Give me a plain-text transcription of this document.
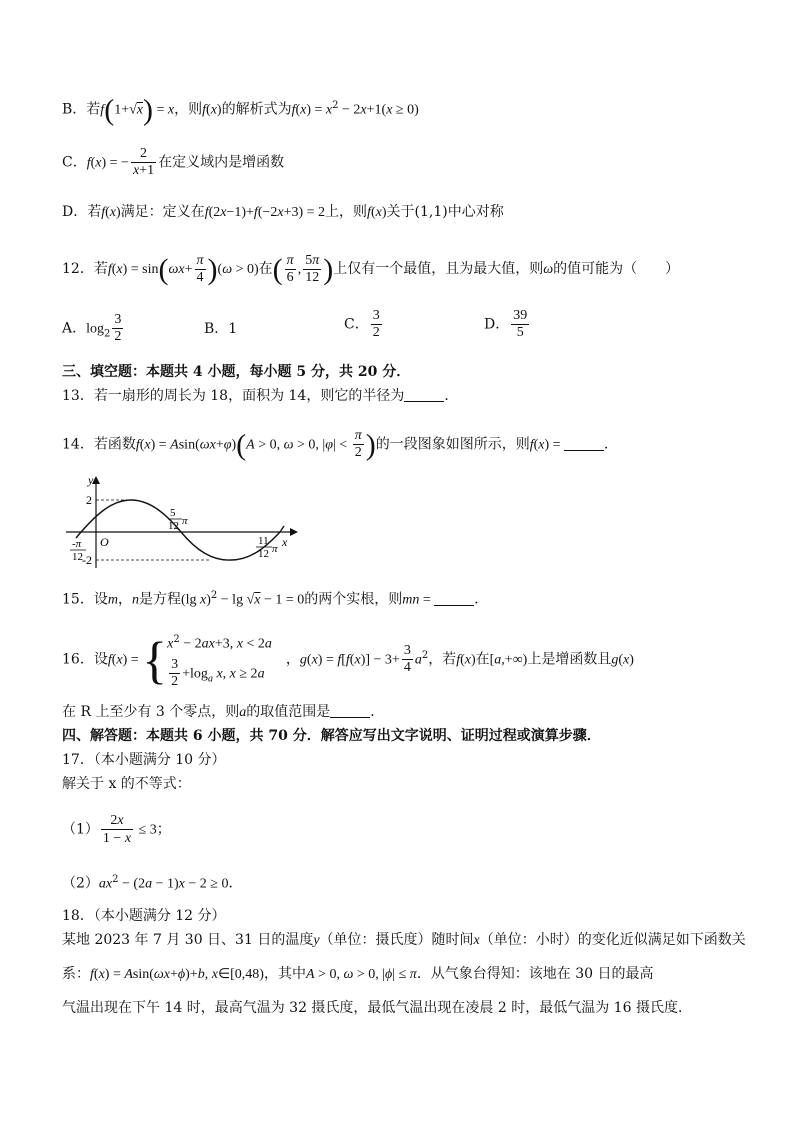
B．若f(1+√x) = x，则f(x)的解析式为$f(x) = x^2 - 2x+1(x \ge 0)$
C．f(x) = − $\frac{2}{x+1}$ 在定义域内是增函数
D．若f(x)满足：定义在f(2x−1)+f(−2x+3) = 2上，则f(x)关于(1,1)中心对称
12．若$f(x) = \sin(\omega x+ \frac{\pi}{4} )(\omega > 0)$在( $\frac{\pi}{6}$ , $\frac{5\pi}{12}$ )上仅有一个最值，且为最大值，则ω的值可能为（　　）
A．$\log_2 \frac{3}{2}$	B．1	C． $\frac{3}{2}$	D． $\frac{39}{5}$
三、填空题：本题共 4 小题，每小题 5 分，共 20 分．
13．若一扇形的周长为 18，面积为 14，则它的半径为	．
14．若函数f(x) = Asin(ωx+φ)(A > 0, ω > 0, $|\varphi| < \frac{\pi}{2}$ )的一段图象如图所示，则f(x) =	．
y
x
O
2
-2
-π
12
5
12 π
11
12 π
15．设m，n是方程(lg x)$^2$ − lg √x − 1 = 0的两个实根，则mn =	．
16．设f(x) = { $x^2 - 2ax+3$, x < 2a
$\frac{3}{2} +\log_a$ x, x ≥ 2a
　，$g(x) = f[f(x)] - 3+ \frac{3}{4} a^2$，若f(x)在[a,+∞)上是增函数且g(x)
在 R 上至少有 3 个零点，则a的取值范围是	．
四、解答题：本题共 6 小题，共 70 分．解答应写出文字说明、证明过程或演算步骤．
17．（本小题满分 10 分）
解关于 x 的不等式：
$(1) \frac{2x}{1 - x} \le 3$；
$(2)ax^2 - (2a - 1)x - 2 \ge 0$．
18．（本小题满分 12 分）
某地 2023 年 7 月 30 日、31 日的温度y（单位：摄氏度）随时间x（单位：小时）的变化近似满足如下函数关
系：f(x) = Asin(ωx+ϕ)+b, x∈[0,48)，其中A > 0, ω > 0, |ϕ| ≤ π．从气象台得知：该地在 30 日的最高
气温出现在下午 14 时，最高气温为 32 摄氏度，最低气温出现在凌晨 2 时，最低气温为 16 摄氏度．
